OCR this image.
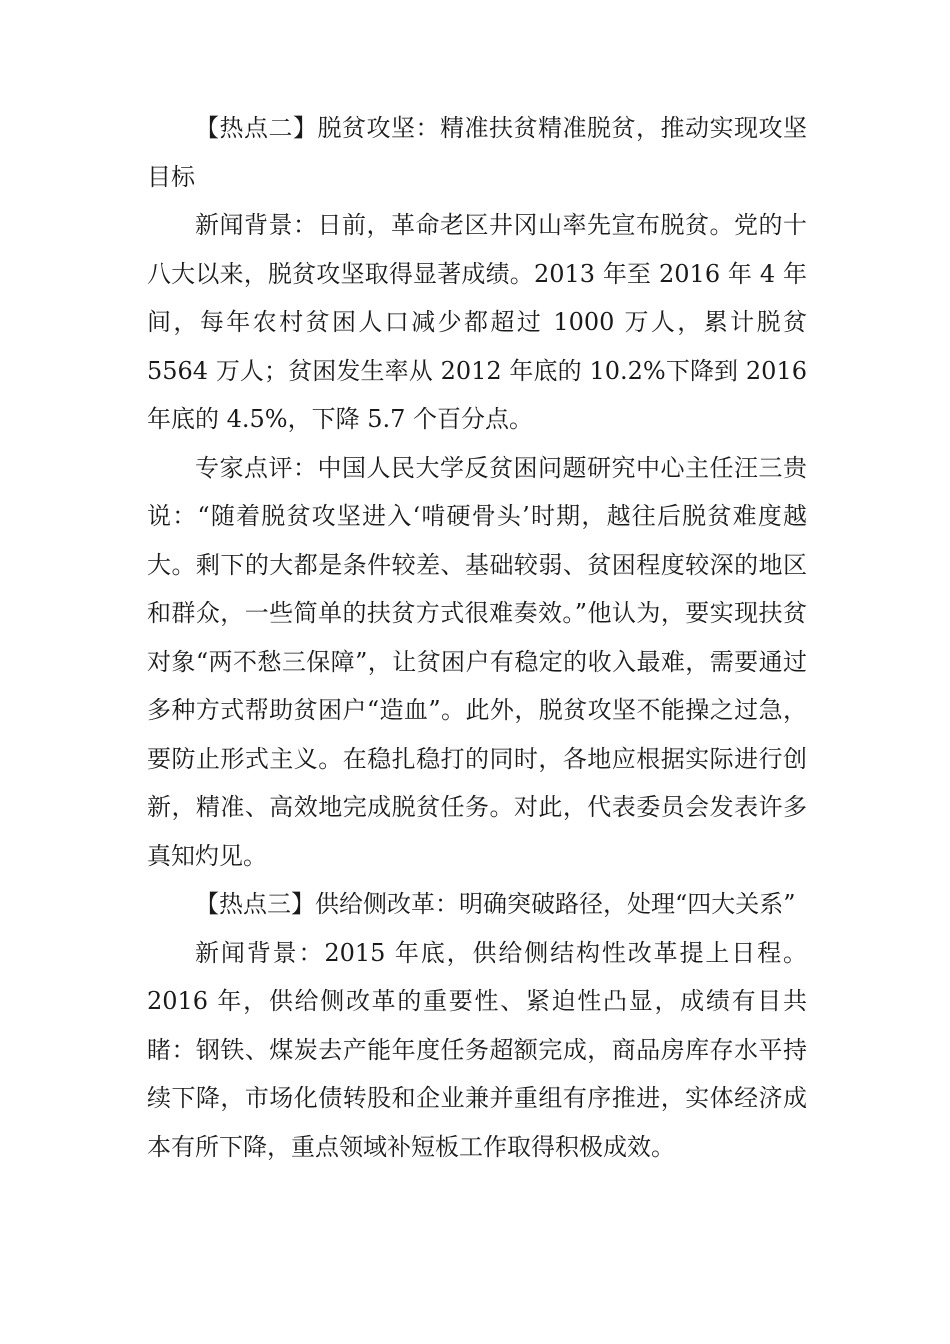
【热点二】脱贫攻坚：精准扶贫精准脱贫，推动实现攻坚目标

新闻背景：日前，革命老区井冈山率先宣布脱贫。党的十八大以来，脱贫攻坚取得显著成绩。2013 年至 2016 年 4 年间，每年农村贫困人口减少都超过 1000 万人，累计脱贫 5564 万人；贫困发生率从 2012 年底的 10.2%下降到 2016 年底的 4.5%，下降 5.7 个百分点。

专家点评：中国人民大学反贫困问题研究中心主任汪三贵说：“随着脱贫攻坚进入‘啃硬骨头’时期，越往后脱贫难度越大。剩下的大都是条件较差、基础较弱、贫困程度较深的地区和群众，一些简单的扶贫方式很难奏效。”他认为，要实现扶贫对象“两不愁三保障”，让贫困户有稳定的收入最难，需要通过多种方式帮助贫困户“造血”。此外，脱贫攻坚不能操之过急，要防止形式主义。在稳扎稳打的同时，各地应根据实际进行创新，精准、高效地完成脱贫任务。对此，代表委员会发表许多真知灼见。

【热点三】供给侧改革：明确突破路径，处理“四大关系”

新闻背景：2015 年底，供给侧结构性改革提上日程。2016 年，供给侧改革的重要性、紧迫性凸显，成绩有目共睹：钢铁、煤炭去产能年度任务超额完成，商品房库存水平持续下降，市场化债转股和企业兼并重组有序推进，实体经济成本有所下降，重点领域补短板工作取得积极成效。
